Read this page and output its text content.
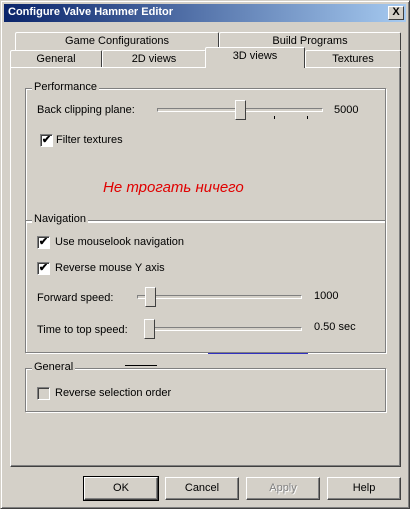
Configure Valve Hammer Editor	X
Game Configurations	Build Programs
General	2D views	3D views	Textures
Performance
Back clipping plane:	5000
✔ Filter textures
Не трогать ничего
Navigation
✔ Use mouselook navigation
✔ Reverse mouse Y axis
Forward speed:	1000
Time to top speed:	0.50 sec
General
Reverse selection order
OK	Cancel	Apply	Help
